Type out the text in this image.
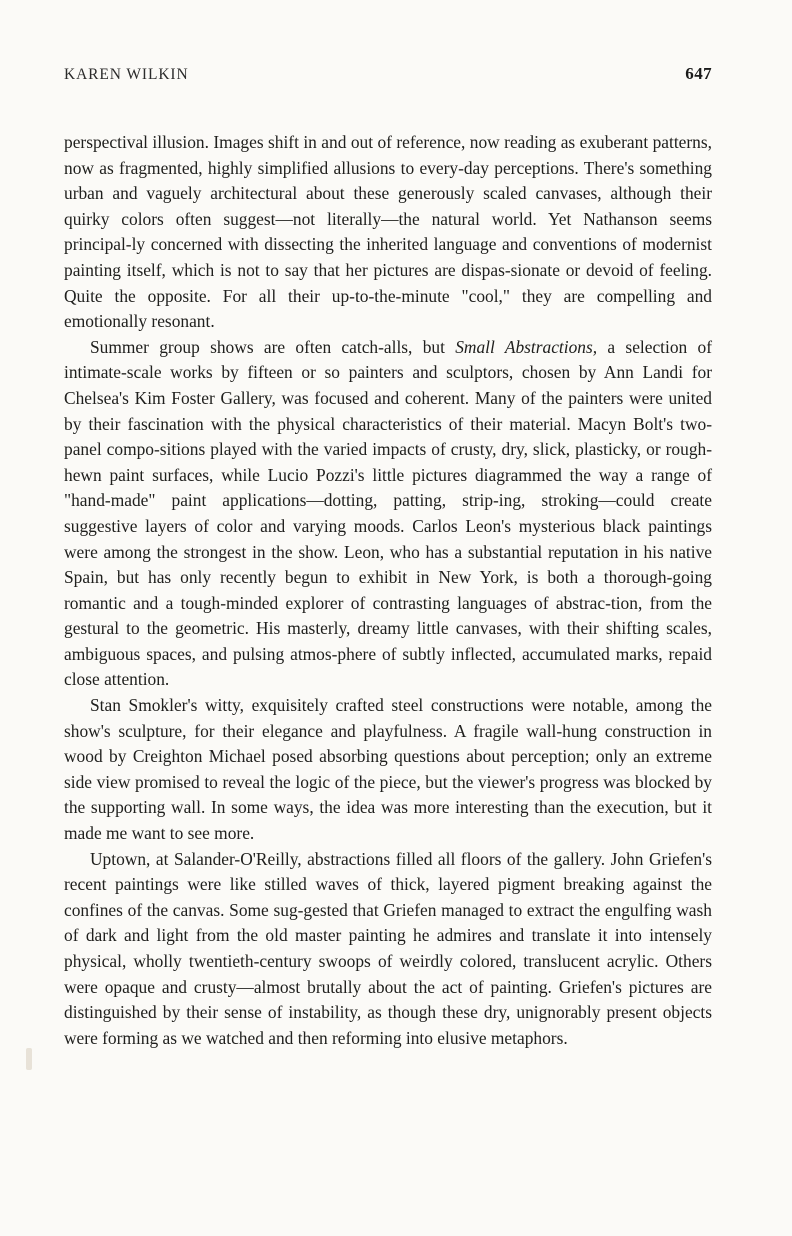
KAREN WILKIN	647

perspectival illusion. Images shift in and out of reference, now reading as exuberant patterns, now as fragmented, highly simplified allusions to every-day perceptions. There's something urban and vaguely architectural about these generously scaled canvases, although their quirky colors often suggest—not literally—the natural world. Yet Nathanson seems principal-ly concerned with dissecting the inherited language and conventions of modernist painting itself, which is not to say that her pictures are dispas-sionate or devoid of feeling. Quite the opposite. For all their up-to-the-minute "cool," they are compelling and emotionally resonant.

Summer group shows are often catch-alls, but Small Abstractions, a selection of intimate-scale works by fifteen or so painters and sculptors, chosen by Ann Landi for Chelsea's Kim Foster Gallery, was focused and coherent. Many of the painters were united by their fascination with the physical characteristics of their material. Macyn Bolt's two-panel compo-sitions played with the varied impacts of crusty, dry, slick, plasticky, or rough-hewn paint surfaces, while Lucio Pozzi's little pictures diagrammed the way a range of "hand-made" paint applications—dotting, patting, strip-ing, stroking—could create suggestive layers of color and varying moods. Carlos Leon's mysterious black paintings were among the strongest in the show. Leon, who has a substantial reputation in his native Spain, but has only recently begun to exhibit in New York, is both a thorough-going romantic and a tough-minded explorer of contrasting languages of abstrac-tion, from the gestural to the geometric. His masterly, dreamy little canvases, with their shifting scales, ambiguous spaces, and pulsing atmos-phere of subtly inflected, accumulated marks, repaid close attention.

Stan Smokler's witty, exquisitely crafted steel constructions were notable, among the show's sculpture, for their elegance and playfulness. A fragile wall-hung construction in wood by Creighton Michael posed absorbing questions about perception; only an extreme side view promised to reveal the logic of the piece, but the viewer's progress was blocked by the supporting wall. In some ways, the idea was more interesting than the execution, but it made me want to see more.

Uptown, at Salander-O'Reilly, abstractions filled all floors of the gallery. John Griefen's recent paintings were like stilled waves of thick, layered pigment breaking against the confines of the canvas. Some sug-gested that Griefen managed to extract the engulfing wash of dark and light from the old master painting he admires and translate it into intensely physical, wholly twentieth-century swoops of weirdly colored, translucent acrylic. Others were opaque and crusty—almost brutally about the act of painting. Griefen's pictures are distinguished by their sense of instability, as though these dry, unignorably present objects were forming as we watched and then reforming into elusive metaphors.
